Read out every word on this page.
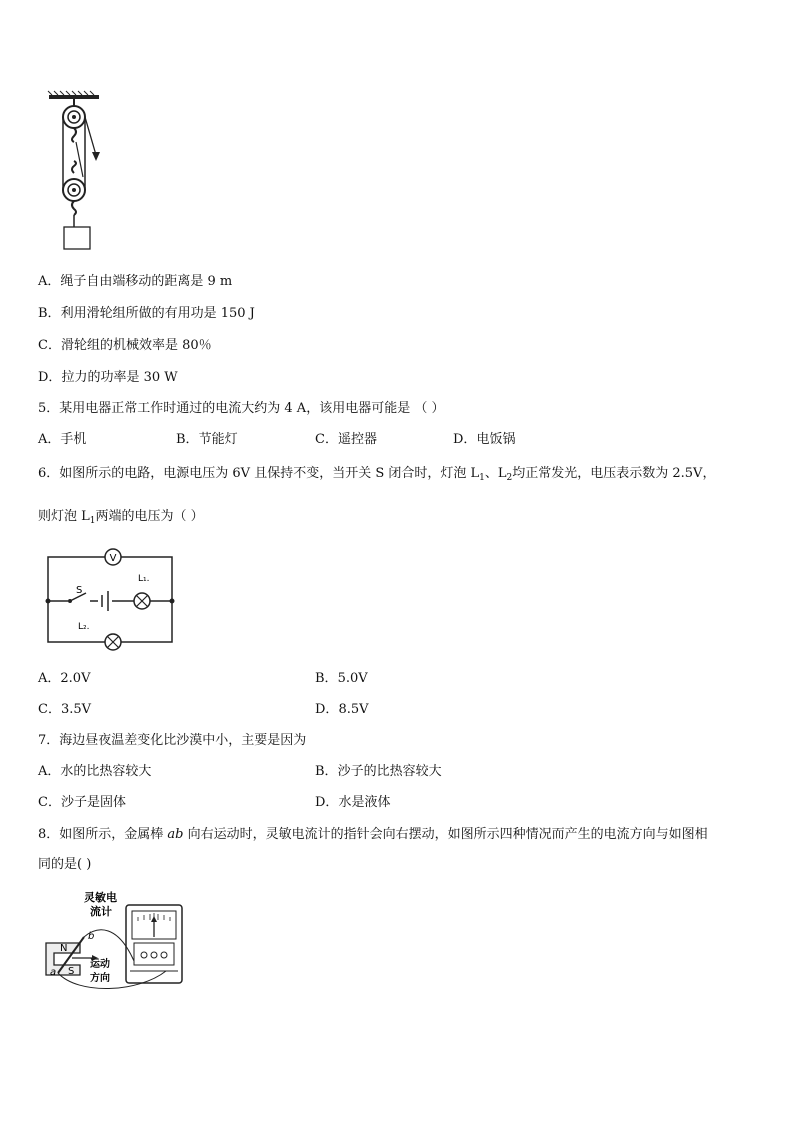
A．绳子自由端移动的距离是 9 m
B．利用滑轮组所做的有用功是 150 J
C．滑轮组的机械效率是 80％
D．拉力的功率是 30 W
5．某用电器正常工作时通过的电流大约为 4 A，该用电器可能是 （ ）
A．手机	B．节能灯	C．遥控器	D．电饭锅
6．如图所示的电路，电源电压为 6V 且保持不变，当开关 S 闭合时，灯泡 $L_1$、$L_2$均正常发光，电压表示数为 2.5V，
则灯泡 $L_1$两端的电压为（ ）
V
S
L₁.
L₂.
A．2.0V	B．5.0V
C．3.5V	D．8.5V
7．海边昼夜温差变化比沙漠中小，主要是因为
A．水的比热容较大	B．沙子的比热容较大
C．沙子是固体	D．水是液体
8．如图所示，金属棒 ab 向右运动时，灵敏电流计的指针会向右摆动，如图所示四种情况而产生的电流方向与如图相
同的是( )
灵敏电
流计
N
S
a
b
运动
方向
